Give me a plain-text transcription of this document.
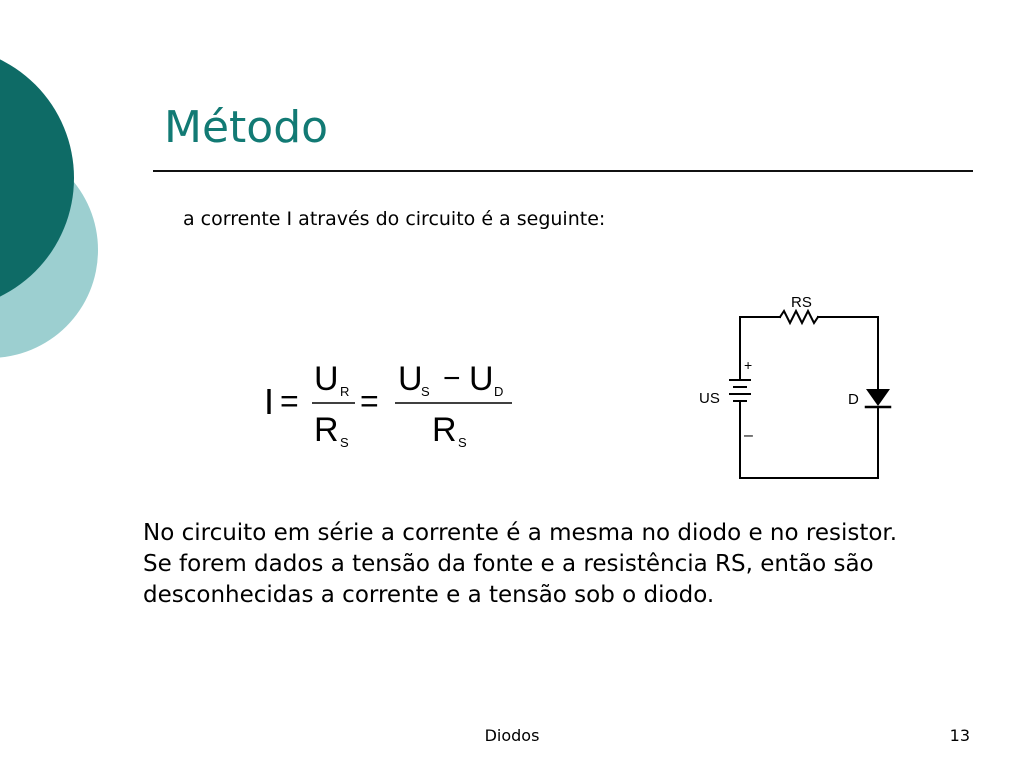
Método
a corrente I através do circuito é a seguinte:
I =
U R
R S
=
U
S − U D
R S
RS
+
–
US	D
No circuito em série a corrente é a mesma no diodo e no resistor. Se forem dados a tensão da fonte e a resistência RS, então são desconhecidas a corrente e a tensão sob o diodo.
Diodos	13
